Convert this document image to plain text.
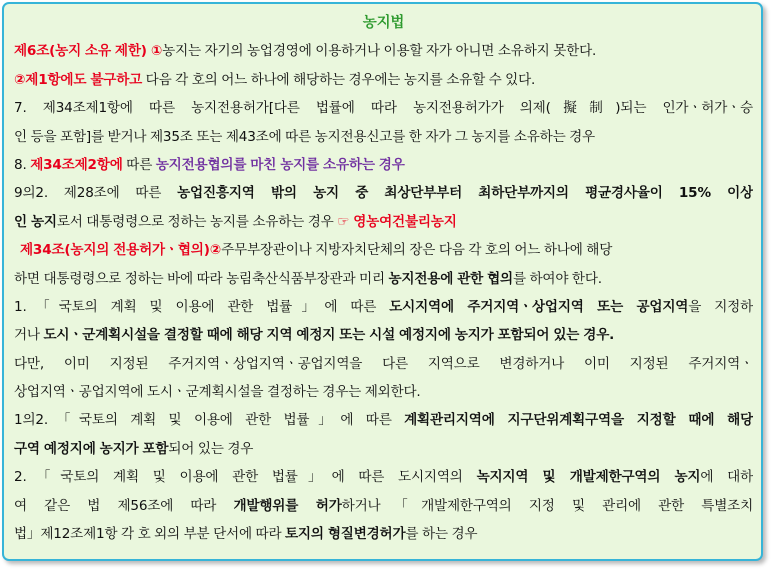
농지법
제6조(농지 소유 제한) ①농지는 자기의 농업경영에 이용하거나 이용할 자가 아니면 소유하지 못한다.
②제1항에도 불구하고 다음 각 호의 어느 하나에 해당하는 경우에는 농지를 소유할 수 있다.
7. 제34조제1항에 따른 농지전용허가[다른 법률에 따라 농지전용허가가 의제(擬制)되는 인가ㆍ허가ㆍ승
인 등을 포함]를 받거나 제35조 또는 제43조에 따른 농지전용신고를 한 자가 그 농지를 소유하는 경우
8. 제34조제2항에 따른 농지전용협의를 마친 농지를 소유하는 경우
9의2. 제28조에 따른 농업진흥지역 밖의 농지 중 최상단부부터 최하단부까지의 평균경사율이 15% 이상
인 농지로서 대통령령으로 정하는 농지를 소유하는 경우 ☞ 영농여건불리농지
제34조(농지의 전용허가ㆍ협의)②주무부장관이나 지방자치단체의 장은 다음 각 호의 어느 하나에 해당
하면 대통령령으로 정하는 바에 따라 농림축산식품부장관과 미리 농지전용에 관한 협의를 하여야 한다.
1.「국토의 계획 및 이용에 관한 법률」에 따른 도시지역에 주거지역ㆍ상업지역 또는 공업지역을 지정하
거나 도시ㆍ군계획시설을 결정할 때에 해당 지역 예정지 또는 시설 예정지에 농지가 포함되어 있는 경우.
다만, 이미 지정된 주거지역ㆍ상업지역ㆍ공업지역을 다른 지역으로 변경하거나 이미 지정된 주거지역ㆍ
상업지역ㆍ공업지역에 도시ㆍ군계획시설을 결정하는 경우는 제외한다.
1의2.「국토의 계획 및 이용에 관한 법률」에 따른 계획관리지역에 지구단위계획구역을 지정할 때에 해당
구역 예정지에 농지가 포함되어 있는 경우
2.「국토의 계획 및 이용에 관한 법률」에 따른 도시지역의 녹지지역 및 개발제한구역의 농지에 대하
여 같은 법 제56조에 따라 개발행위를 허가하거나「개발제한구역의 지정 및 관리에 관한 특별조치
법」제12조제1항 각 호 외의 부분 단서에 따라 토지의 형질변경허가를 하는 경우
